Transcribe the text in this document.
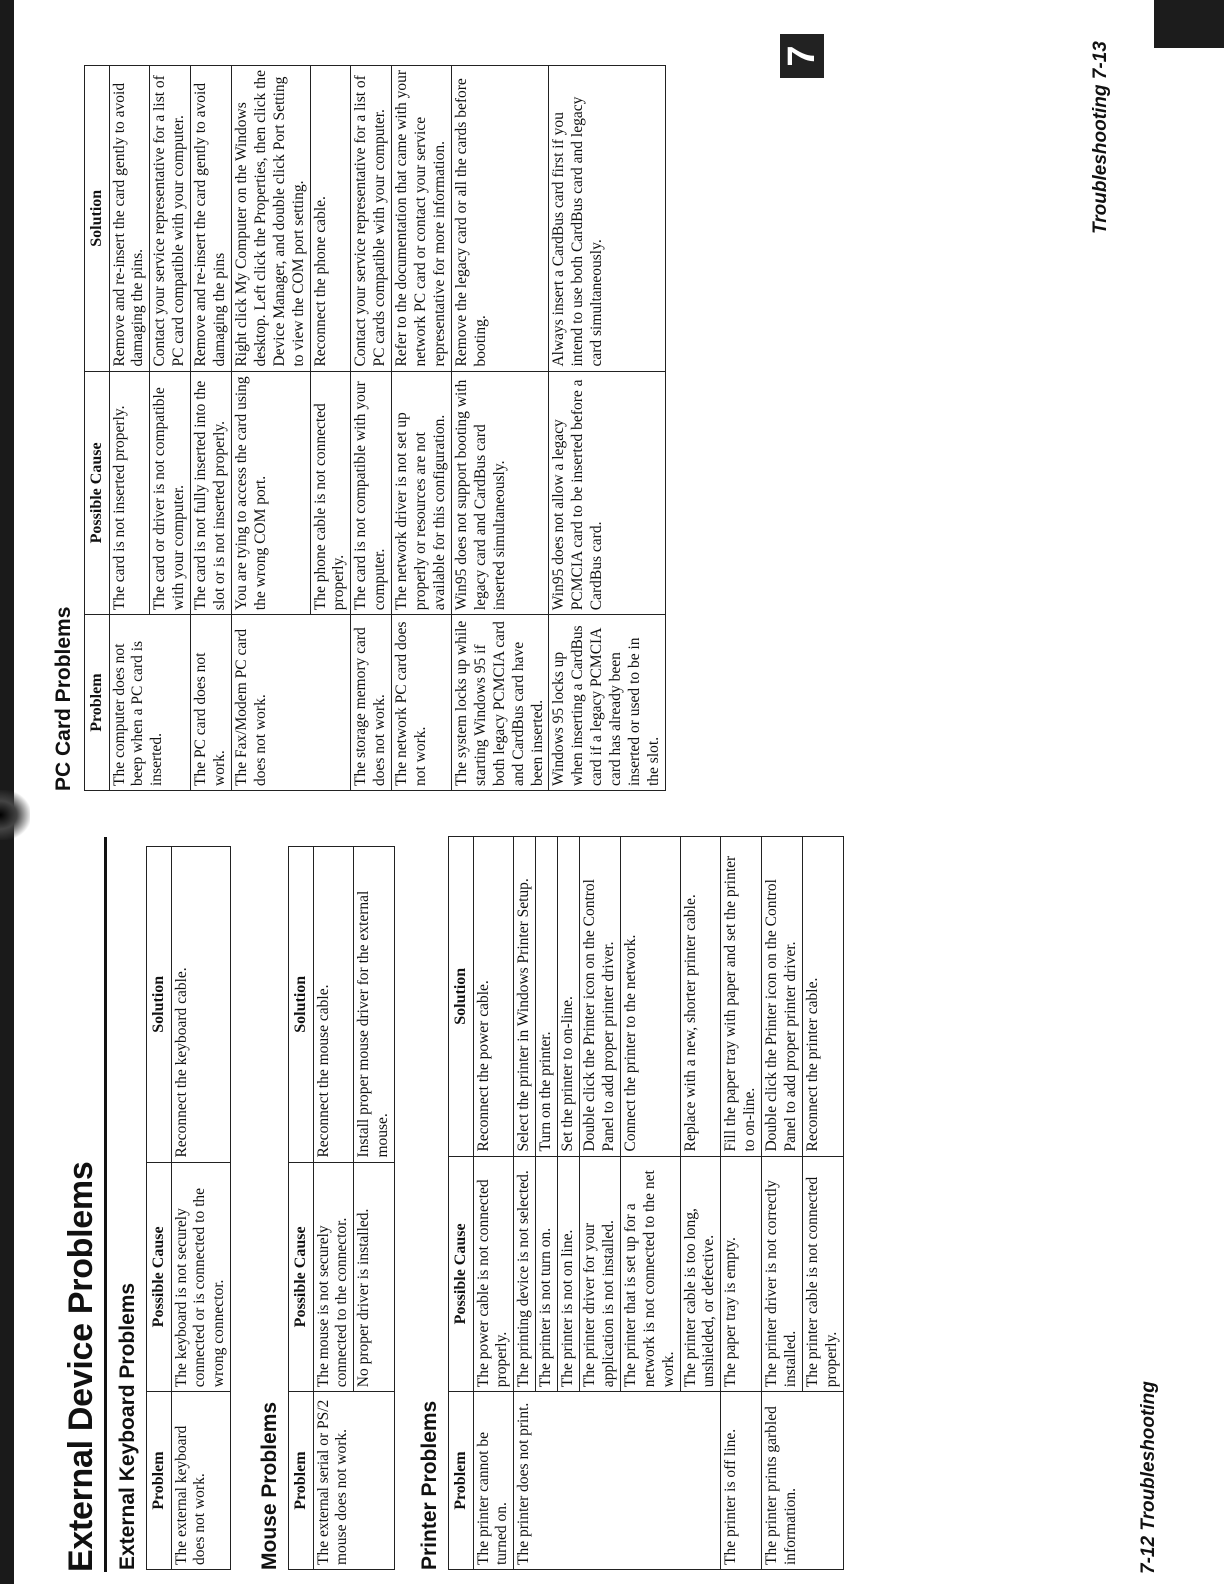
External Device Problems External Keyboard Problems Problem	Possible Cause	Solution
The external keyboard does not work.	The keyboard is not securely connected or is connected to the wrong connector.	Reconnect the keyboard cable.
Mouse Problems Problem	Possible Cause	Solution
The external serial or PS/2 mouse does not work.	The mouse is not securely connected to the connector.	Reconnect the mouse cable.
	No proper driver is installed.	Install proper mouse driver for the external mouse.
Printer Problems Problem	Possible Cause	Solution
The printer cannot be turned on.	The power cable is not connected properly.	Reconnect the power cable.
The printer does not print.	The printing device is not selected.	Select the printer in Windows Printer Setup.
	The printer is not turn on.	Turn on the printer.
	The printer is not on line.	Set the printer to on-line.
	The printer driver for your application is not installed.	Double click the Printer icon on the Control Panel to add proper printer driver.
	The printer that is set up for a network is not connected to the net work.	Connect the printer to the network.
	The printer cable is too long, unshielded, or defective.	Replace with a new, shorter printer cable.
The printer is off line.	The paper tray is empty.	Fill the paper tray with paper and set the printer to on-line.
The printer prints garbled information.	The printer driver is not correctly installed.	Double click the Printer icon on the Control Panel to add proper printer driver.
	The printer cable is not connected properly.	Reconnect the printer cable.
7-12 Troubleshooting
PC Card Problems Problem	Possible Cause	Solution
The computer does not beep when a PC card is inserted.	The card is not inserted properly.	Remove and re-insert the card gently to avoid damaging the pins.
	The card or driver is not compatible with your computer.	Contact your service representative for a list of PC card compatible with your computer.
The PC card does not work.	The card is not fully inserted into the slot or is not inserted properly.	Remove and re-insert the card gently to avoid damaging the pins
The Fax/Modem PC card does not work.	You are tying to access the card using the wrong COM port.	Right click My Computer on the Windows desktop. Left click the Properties, then click the Device Manager, and double click Port Setting to view the COM port setting.
	The phone cable is not connected properly.	Reconnect the phone cable.
The storage memory card does not work.	The card is not compatible with your computer.	Contact your service representative for a list of PC cards compatible with your computer.
The network PC card does not work.	The network driver is not set up properly or resources are not available for this configuration.	Refer to the documentation that came with your network PC card or contact your service representative for more information.
The system locks up while starting Windows 95 if both legacy PCMCIA card and CardBus card have been inserted.	Win95 does not support booting with legacy card and CardBus card inserted simultaneously.	Remove the legacy card or all the cards before booting.
Windows 95 locks up when inserting a CardBus card if a legacy PCMCIA card has already been inserted or used to be in the slot.	Win95 does not allow a legacy PCMCIA card to be inserted before a CardBus card.	Always insert a CardBus card first if you intend to use both CardBus card and legacy card simultaneously.
Troubleshooting 7-13
7
